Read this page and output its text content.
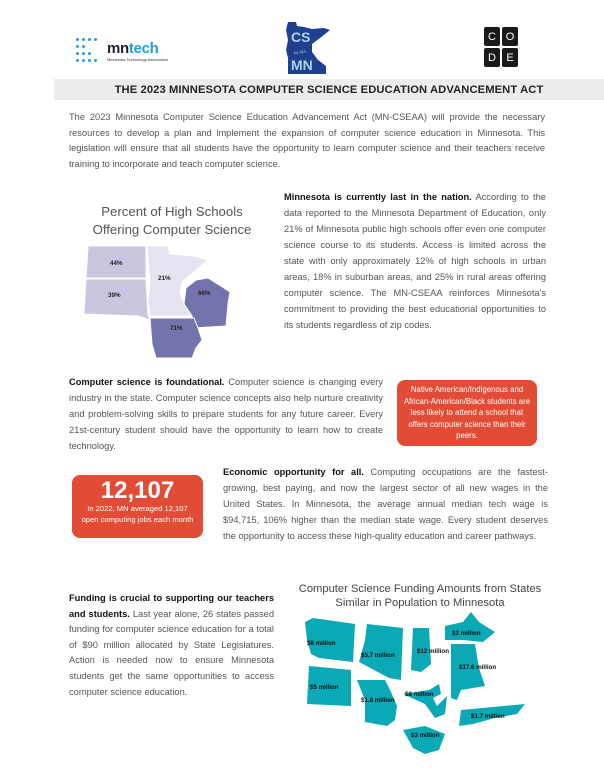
mntech
Minnesota Technology Association
CS
for ALL
MN
C O
D E
THE 2023 MINNESOTA COMPUTER SCIENCE EDUCATION ADVANCEMENT ACT

The 2023 Minnesota Computer Science Education Advancement Act (MN-CSEAA) will provide the necessary resources to develop a plan and implement the expansion of computer science education in Minnesota. This legislation will ensure that all students have the opportunity to learn computer science and their teachers receive training to incorporate and teach computer science.

Percent of High Schools
Offering Computer Science
44%
39%
21%
66%
71%

Minnesota is currently last in the nation. According to the data reported to the Minnesota Department of Education, only 21% of Minnesota public high schools offer even one computer science course to its students. Access is limited across the state with only approximately 12% of high schools in urban areas, 18% in suburban areas, and 25% in rural areas offering computer science. The MN-CSEAA reinforces Minnesota's commitment to providing the best educational opportunities to its students regardless of zip codes.

Computer science is foundational. Computer science is changing every industry in the state. Computer science concepts also help nurture creativity and problem-solving skills to prepare students for any future career. Every 21st-century student should have the opportunity to learn how to create technology.

Native American/Indigenous and African-American/Black students are less likely to attend a school that offers computer science than their peers.
12,107
In 2022, MN averaged 12,107 open computing jobs each month

Economic opportunity for all. Computing occupations are the fastest-growing, best paying, and now the largest sector of all new wages in the United States. In Minnesota, the average annual median tech wage is $94,715, 106% higher than the median state wage. Every student deserves the opportunity to access these high-quality education and career pathways.

Funding is crucial to supporting our teachers and students. Last year alone, 26 states passed funding for computer science education for a total of $90 million allocated by State Legislatures. Action is needed now to ensure Minnesota students get the same opportunities to access computer science education.

Computer Science Funding Amounts from States
Similar in Population to Minnesota
$8 million
$5.7 million
$12 million
$3 million
$17.6 million
$5 million
$1.8 million
$8 million
$1.7 million
$3 million
